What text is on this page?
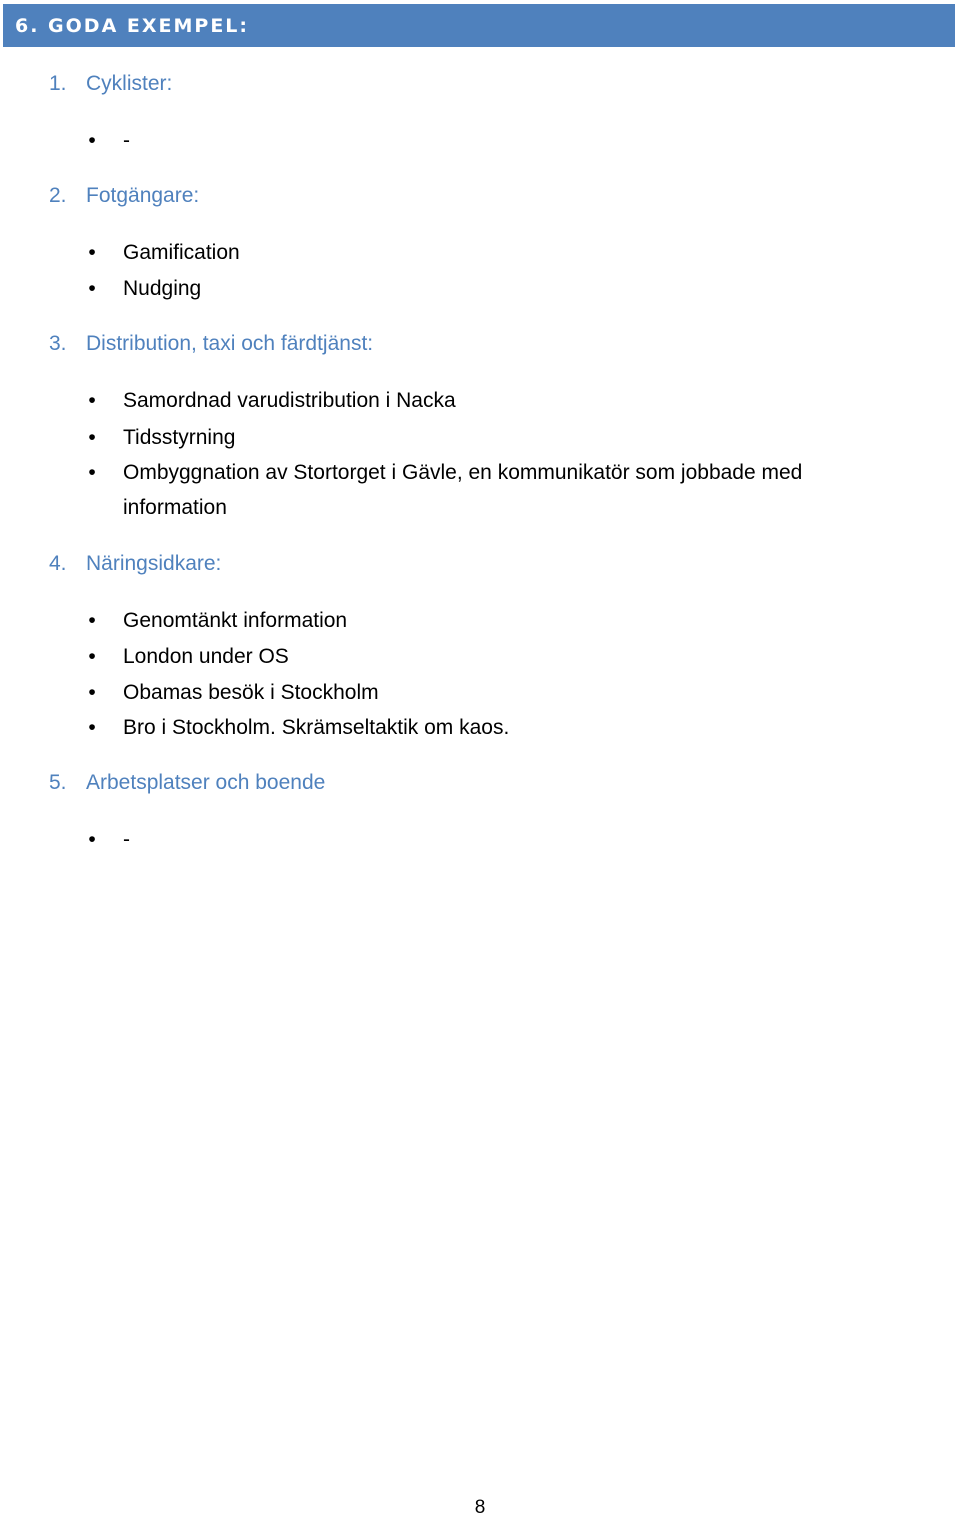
6. GODA EXEMPEL:
1. Cyklister:
• -
2. Fotgängare:
• Gamification
• Nudging
3. Distribution, taxi och färdtjänst:
• Samordnad varudistribution i Nacka
• Tidsstyrning
• Ombyggnation av Stortorget i Gävle, en kommunikatör som jobbade med information
4. Näringsidkare:
• Genomtänkt information
• London under OS
• Obamas besök i Stockholm
• Bro i Stockholm. Skrämseltaktik om kaos.
5. Arbetsplatser och boende
• -
8
